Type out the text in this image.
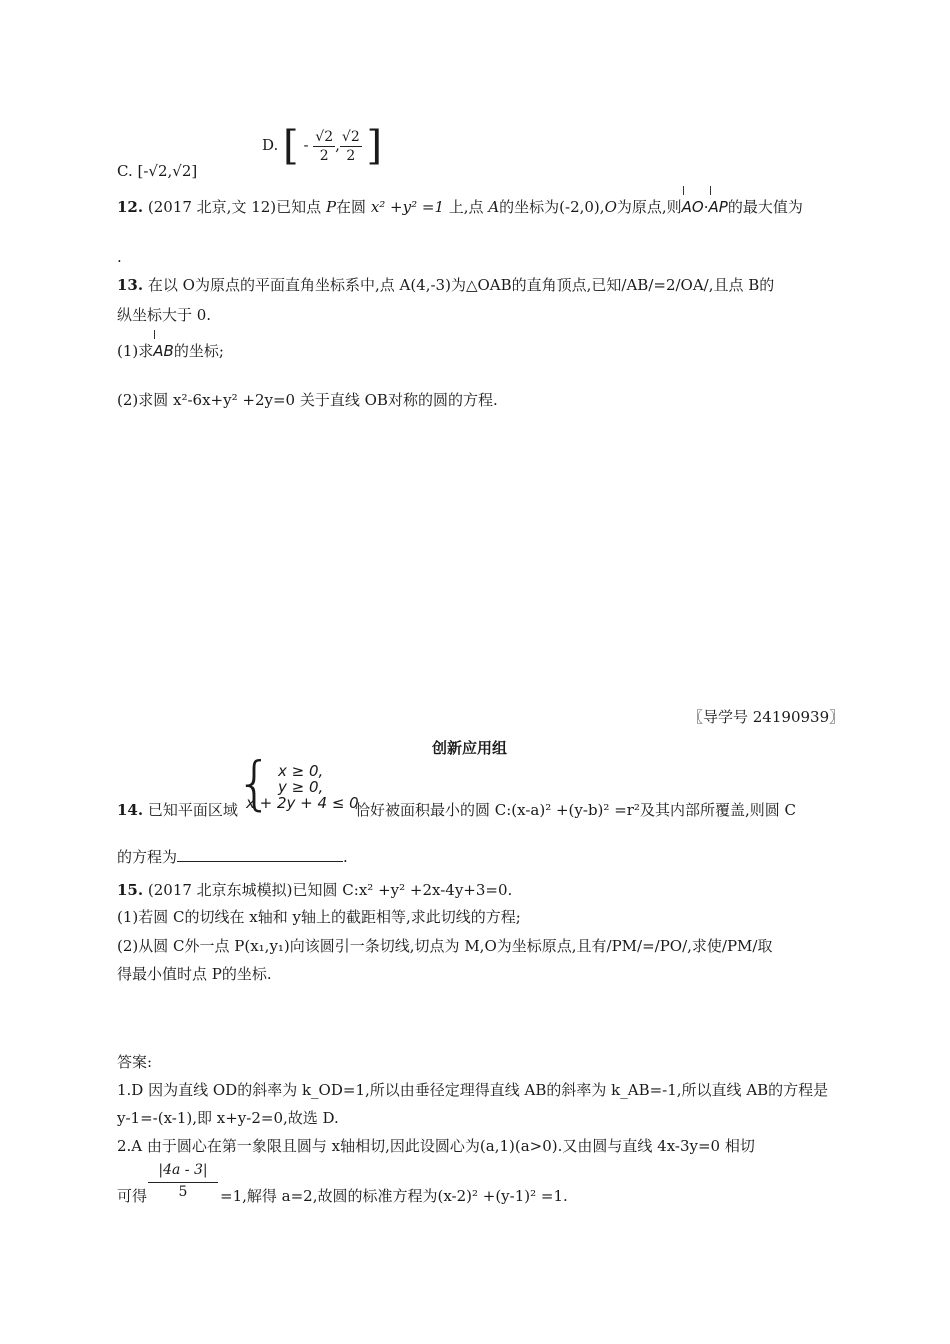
C. [-√2,√2]
D. [ - $\frac{√2}{2}$ , $\frac{√2}{2}$ ]
12. (2017 北京,文 12)已知点 P在圆 x² +y² =1 上,点 A的坐标为(-2,0),O为原点,则AO·AP的最大值为
.
13. 在以 O为原点的平面直角坐标系中,点 A(4,-3)为△OAB的直角顶点,已知/AB/=2/OA/,且点 B的
纵坐标大于 0.
(1)求AB的坐标;
(2)求圆 x²-6x+y² +2y=0 关于直线 OB对称的圆的方程.
〖导学号 24190939〗
创新应用组
{ x ≥ 0,
y ≥ 0,
x + 2y + 4 ≤ 0
14. 已知平面区域	恰好被面积最小的圆 C:(x-a)² +(y-b)² =r²及其内部所覆盖,则圆 C
的方程为	.
15. (2017 北京东城模拟)已知圆 C:x² +y² +2x-4y+3=0.
(1)若圆 C的切线在 x轴和 y轴上的截距相等,求此切线的方程;
(2)从圆 C外一点 P(x₁,y₁)向该圆引一条切线,切点为 M,O为坐标原点,且有/PM/=/PO/,求使/PM/取
得最小值时点 P的坐标.
答案:
1.D 因为直线 OD的斜率为 k_OD=1,所以由垂径定理得直线 AB的斜率为 k_AB=-1,所以直线 AB的方程是
y-1=-(x-1),即 x+y-2=0,故选 D.
2.A 由于圆心在第一象限且圆与 x轴相切,因此设圆心为(a,1)(a>0).又由圆与直线 4x-3y=0 相切
可得 $\frac{|4a - 3|}{5} =1$,解得 a=2,故圆的标准方程为(x-2)² +(y-1)² =1.
